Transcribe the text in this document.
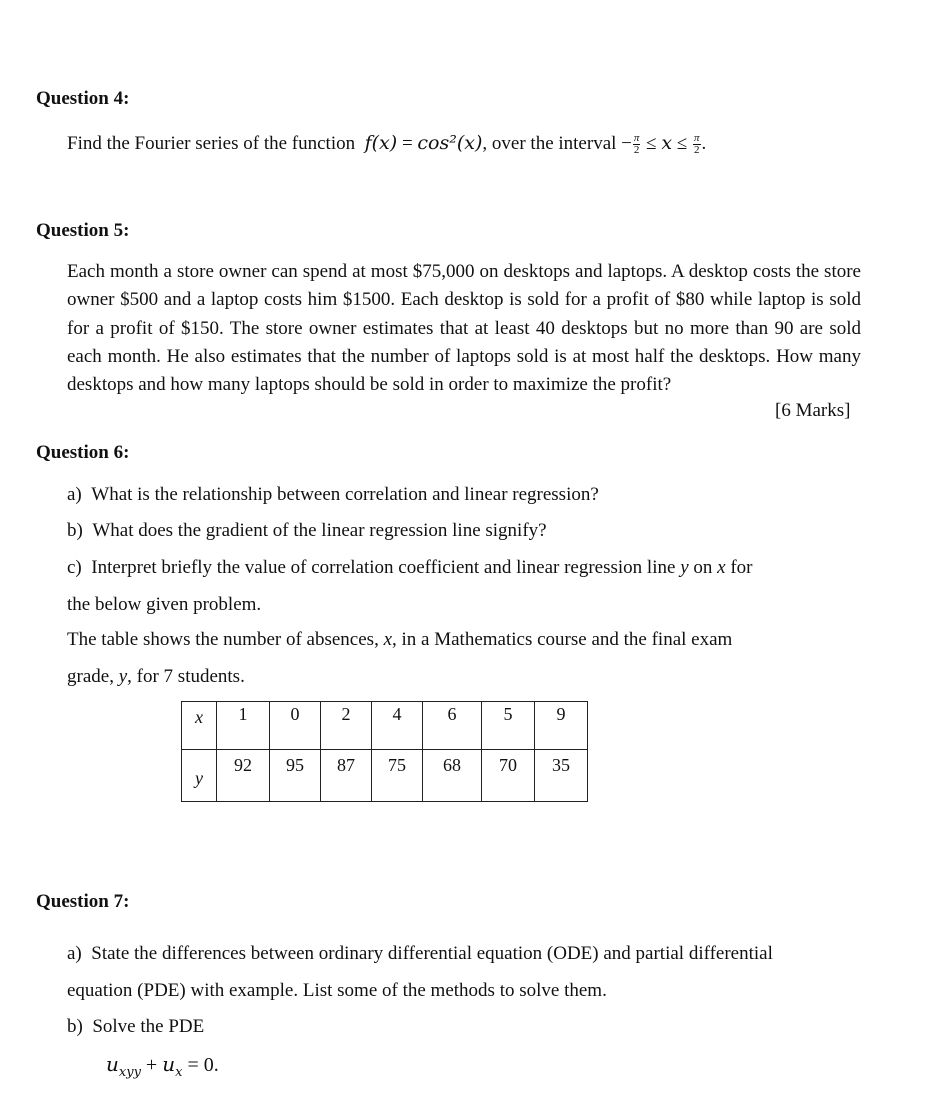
Question 4:
Find the Fourier series of the function f(x) = cos²(x), over the interval − $\frac{\pi}{2} \le x \le \frac{\pi}{2}$ .
Question 5:
Each month a store owner can spend at most $75,000 on desktops and laptops. A desktop costs the store owner $500 and a laptop costs him $1500. Each desktop is sold for a profit of $80 while laptop is sold for a profit of $150. The store owner estimates that at least 40 desktops but no more than 90 are sold each month. He also estimates that the number of laptops sold is at most half the desktops. How many desktops and how many laptops should be sold in order to maximize the profit?
[6 Marks]
Question 6:
a) What is the relationship between correlation and linear regression?
b) What does the gradient of the linear regression line signify?
c) Interpret briefly the value of correlation coefficient and linear regression line y on x for
the below given problem.
The table shows the number of absences, x, in a Mathematics course and the final exam
grade, y, for 7 students.
x	1	0	2	4	6	5	9
y	92	95	87	75	68	70	35
Question 7:
a) State the differences between ordinary differential equation (ODE) and partial differential
equation (PDE) with example. List some of the methods to solve them.
b) Solve the PDE
$u_{xyy} + u_x = 0$.
